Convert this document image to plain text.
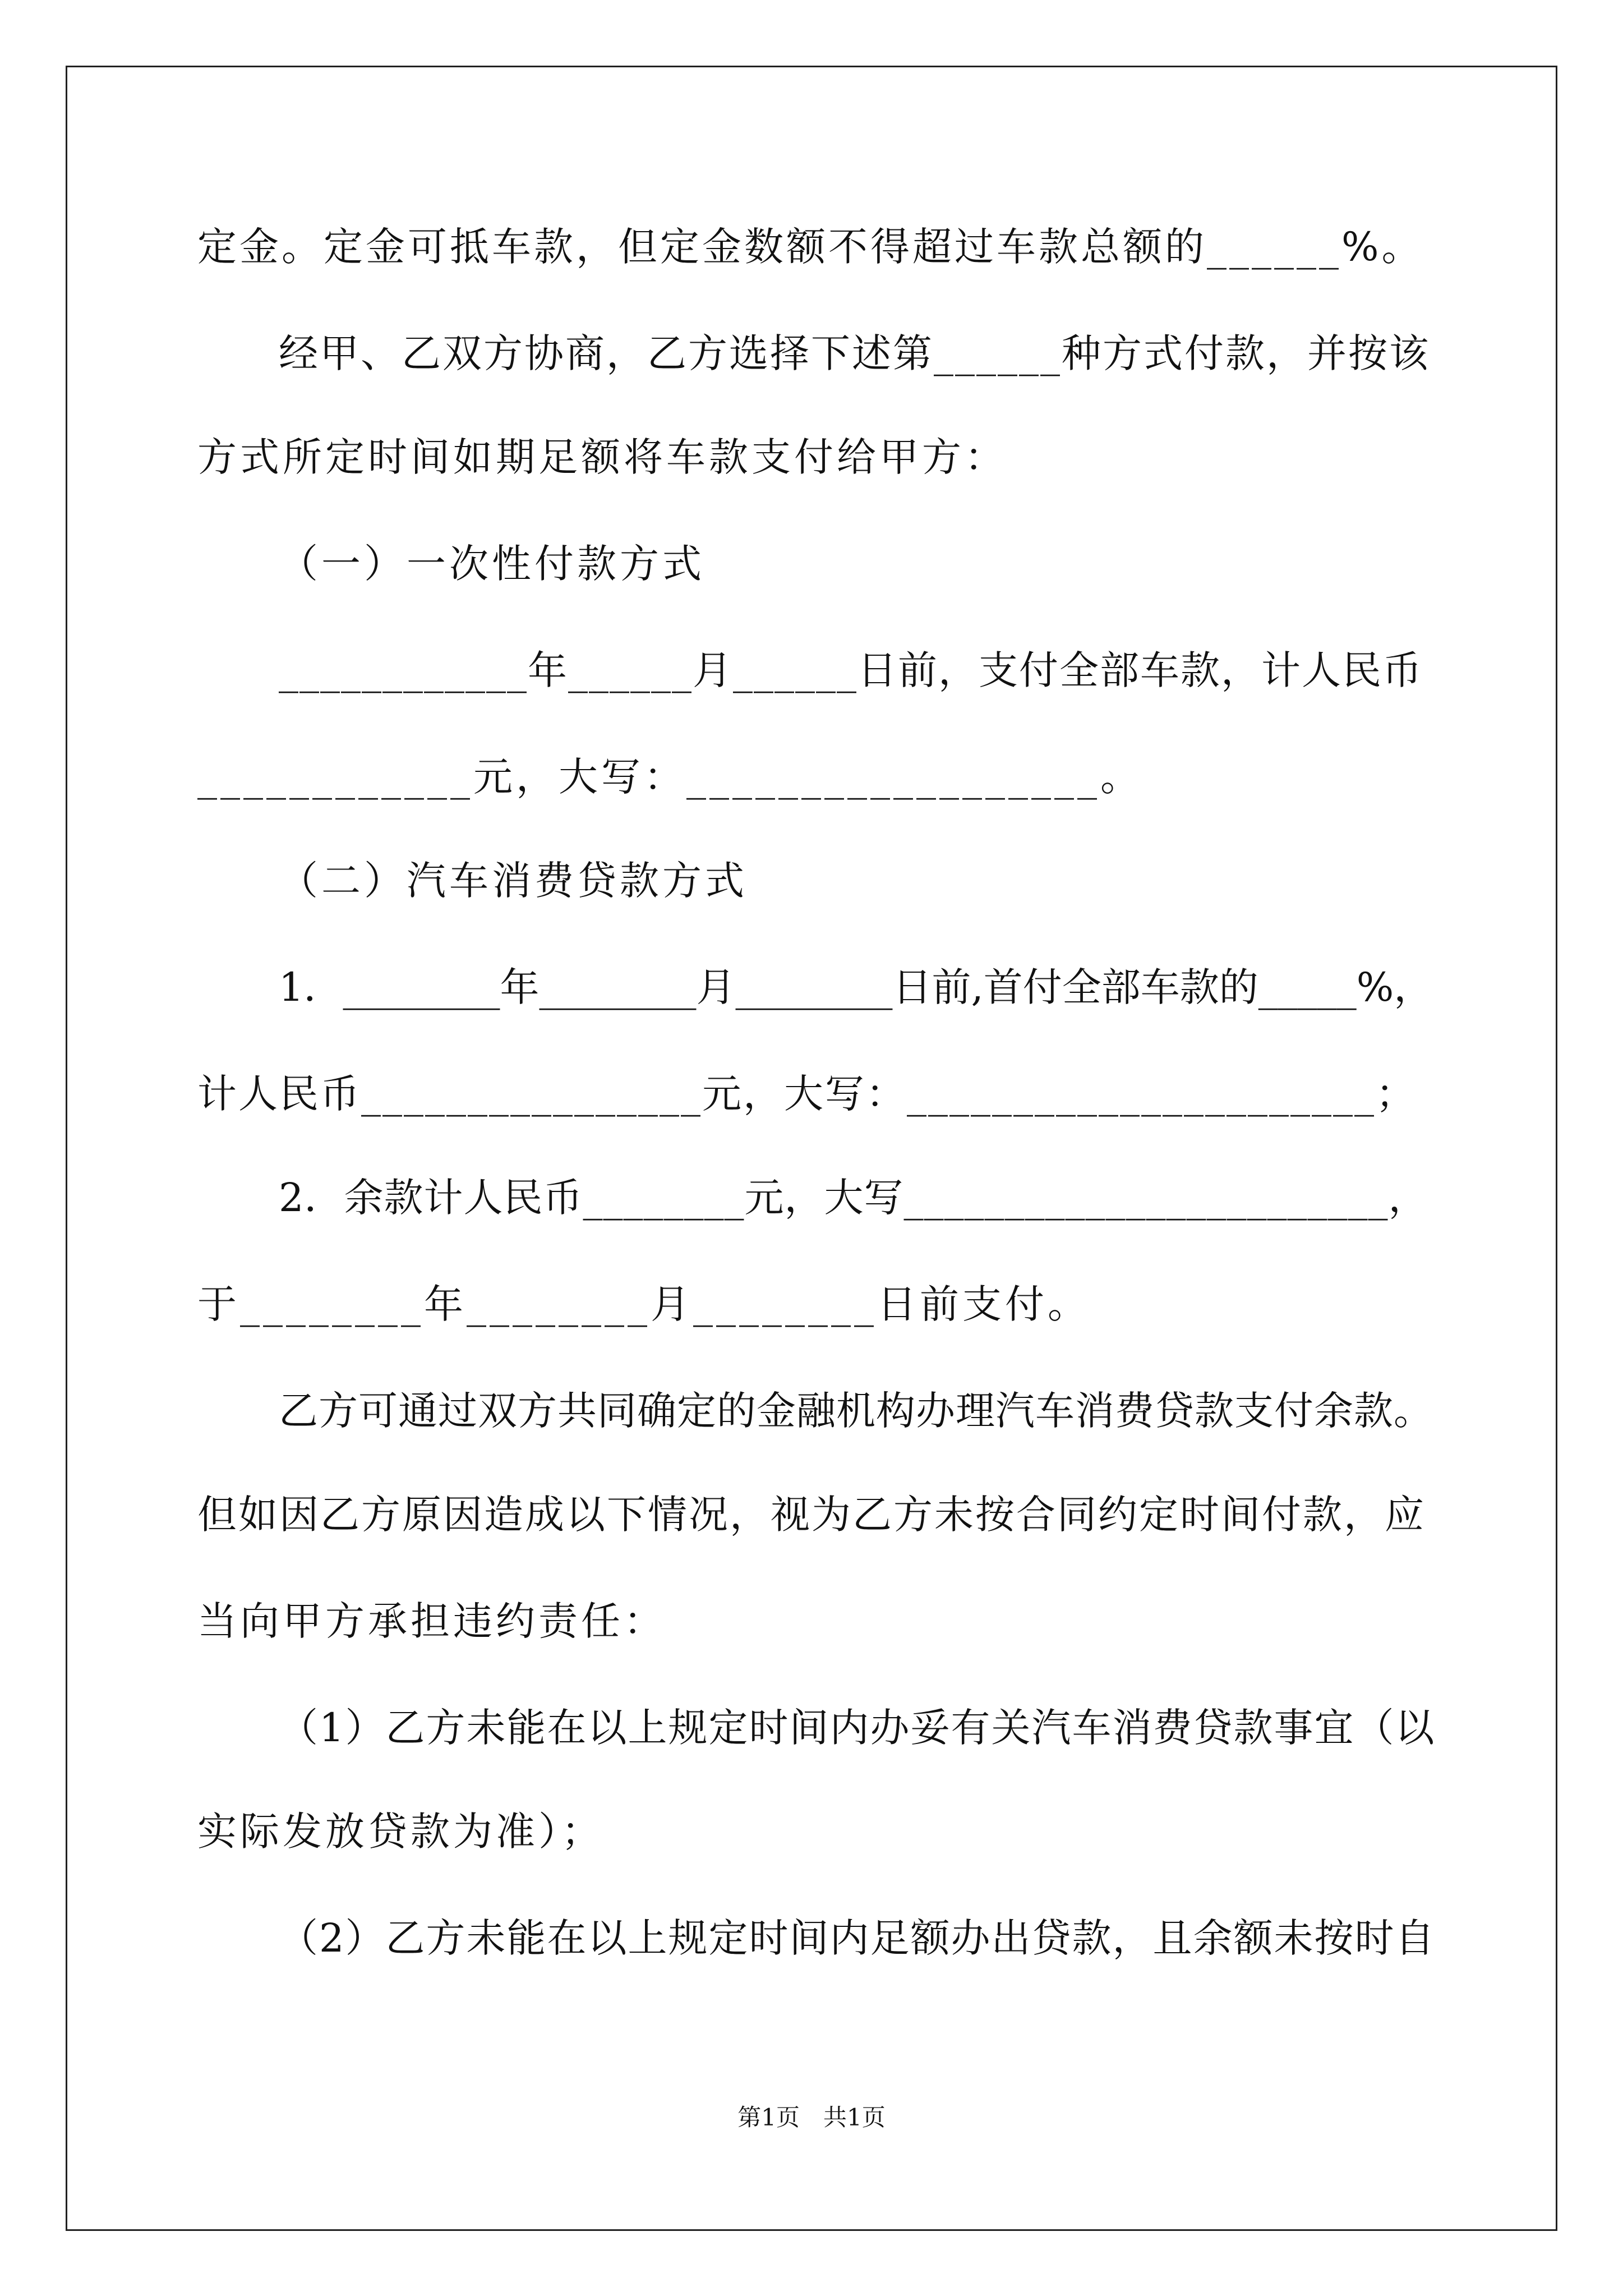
定金。定金可抵车款，但定金数额不得超过车款总额的______%。
经甲、乙双方协商，乙方选择下述第______种方式付款，并按该
方式所定时间如期足额将车款支付给甲方：
（一）一次性付款方式
____________年______月______日前，支付全部车款，计人民币
____________元，大写：__________________。
（二）汽车消费贷款方式
1．________年________月________日前,首付全部车款的_____%，
计人民币________________元，大写：______________________；
2．余款计人民币________元，大写________________________，
于________年________月________日前支付。
乙方可通过双方共同确定的金融机构办理汽车消费贷款支付余款。
但如因乙方原因造成以下情况，视为乙方未按合同约定时间付款，应
当向甲方承担违约责任：
（1）乙方未能在以上规定时间内办妥有关汽车消费贷款事宜（以
实际发放贷款为准）；
（2）乙方未能在以上规定时间内足额办出贷款，且余额未按时自
第1页　共1页
